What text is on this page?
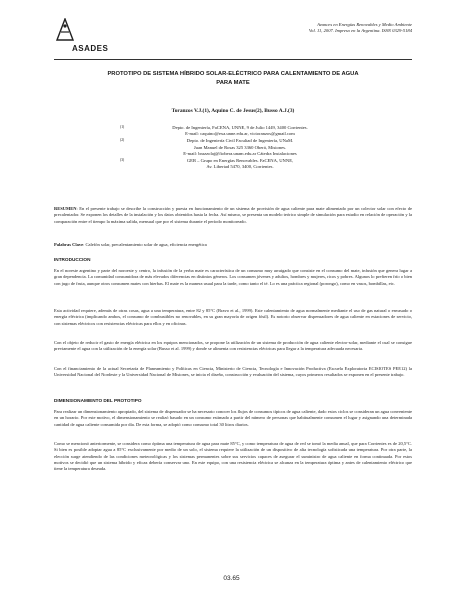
ASADES
Avances en Energías Renovables y Medio Ambiente
Vol. 11, 2007. Impreso en la Argentina. ISSN 0329-5184
PROTOTIPO DE SISTEMA HÍBRIDO SOLAR-ELÉCTRICO PARA CALENTAMIENTO DE AGUA
PARA MATE
Toranzos V.J.(1), Aquino C. de Jesus(2), Busso A.J.(3)
(1)	Depto. de Ingeniería, FaCENA, UNNE, 9 de Julio 1449, 3400 Corrientes.
E-mail: caquino@exa.unne.edu.ar, victoranzos@gmail.com
(2)	Depto. de Ingeniería Civil Facultad de Ingeniería, UNaM.
Juan Manuel de Rosas 325 3360 Oberá, Misiones.
E-mail: brazzolaj@fiobera.unam.edu.ar Cátedra Instalaciones
(3)	GER – Grupo en Energías Renovables. FaCENA, UNNE,
Av. Libertad 5470, 3400, Corrientes.
RESUMEN: En el presente trabajo se describe la construcción y puesta en funcionamiento de un sistema de provisión de agua caliente para mate alimentado por un colector solar con efecto de precalentador. Se exponen los detalles de la instalación y los datos obtenidos hasta la fecha. Así mismo, se presenta un modelo teórico simple de simulación para estudio en relación de operación y la comparación entre el tiempo la máxima salida, mensual que por el sistema durante el período monitoreado.
Palabras Clave: Calefón solar, precalentamiento solar de agua, eficiencia energética
INTRODUCCION
En el noreste argentino y parte del noroeste y centro, la infusión de la yerba mate es característica de un consumo muy arraigado que consiste en el consumo del mate, infusión que genera lugar a gran dependencia. La comunidad consumidora de más elevados diferencias en distintos géneros. Los consumen jóvenes y adultos, hombres y mujeres, ricos y pobres. Algunos lo prefieren frío o bien con jugo de fruta, aunque otros consumen mates con hierbas. El mate es la manera usual para la tarde, como tanto el té. Lo es una práctica regional (porongo), como en vasos, bombillas, etc.
Esta actividad requiere, además de otras cosas, agua a una temperatura, entre 82 y 85°C (Bravo et al., 1999). Este calentamiento de agua normalmente mediante el uso de gas natural o envasado o energía eléctrica (implicando ambos, el consumo de combustibles no renovables, en su gran mayoría de origen fósil). Es notorio observar dispensadores de agua caliente en estaciones de servicio, con sistemas eléctricos con resistencias eléctricas para ellos y en oficinas.
Con el objeto de reducir el gasto de energía eléctrica en los equipos mencionados, se propone la utilización de un sistema de producción de agua caliente electro-solar, mediante el cual se consigue previamente el agua con la utilización de la energía solar (Busso et al. 1999) y donde se alimenta con resistencias eléctricas para llegar a la temperatura adecuada necesaria.
Con el financiamiento de la actual Secretaría de Planeamiento y Políticas en Ciencia, Ministerio de Ciencia, Tecnología e Innovación Productiva (Escuela Exploratoria ECISIOTES PEE12) la Universidad Nacional del Nordeste y la Universidad Nacional de Misiones, se inicia el diseño, construcción y evaluación del sistema, cuyos primeros resultados se exponen en el presente trabajo.
DIMENSIONAMIENTO DEL PROTOTIPO
Para realizar un dimensionamiento apropiado, del sistema de dispensador se ha necesario conocer los flujos de consumos típicos de agua caliente, dado estos ciclos se consideran un agua conveniente en un horario. Por este motivo, el dimensionamiento se realizó basado en un consumo estimado a partir del número de personas que habitualmente consumen el lugar y asignando una determinada cantidad de agua caliente consumida por día. De esta forma, se adoptó como consumo total 30 litros diarios.
Como se mencionó anteriormente, se considera como óptima una temperatura de agua para mate 85°C, y como temperatura de agua de red se tomó la media anual, que para Corrientes es de 20,5°C. Si bien es posible adoptar agua a 85°C exclusivamente por medio de un solo, el sistema requiere la utilización de un dispositivo de alta tecnología sofisticada una temperatura. Por otra parte, la elección surge atendiendo de las condiciones meteorológicas y los sistemas permanentes sobre sus servicios capaces de asegurar el suministro de agua caliente en forma continuada. Por estos motivos se decidió que un sistema híbrido y eficaz debería conservar uno. En este equipo, con una resistencia eléctrica se alcanza en la temperatura óptima y antes de calentamiento eléctrico que tiene la temperatura deseada.
03.65
